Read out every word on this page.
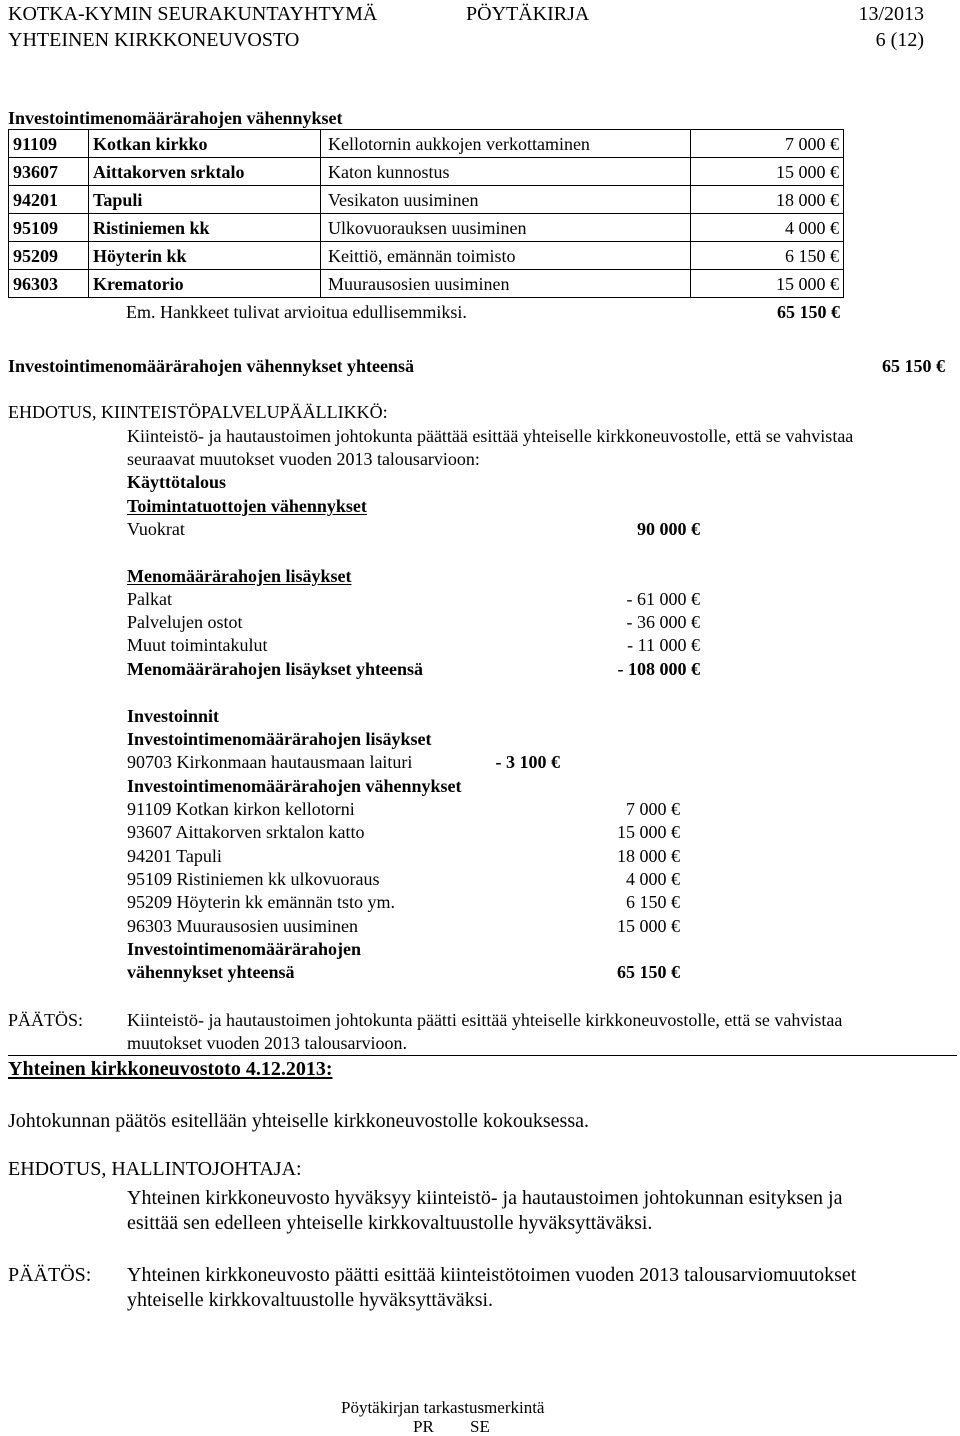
KOTKA-KYMIN SEURAKUNTAYHTYMÄ	PÖYTÄKIRJA	13/2013
YHTEINEN KIRKKONEUVOSTO	6 (12)
Investointimenomäärärahojen vähennykset
91109	Kotkan kirkko	Kellotornin aukkojen verkottaminen	7 000 €
93607	Aittakorven srktalo	Katon kunnostus	15 000 €
94201	Tapuli	Vesikaton uusiminen	18 000 €
95109	Ristiniemen kk	Ulkovuorauksen uusiminen	4 000 €
95209	Höyterin kk	Keittiö, emännän toimisto	6 150 €
96303	Krematorio	Muurausosien uusiminen	15 000 €
Em. Hankkeet tulivat arvioitua edullisemmiksi.	65 150 €
Investointimenomäärärahojen vähennykset yhteensä	65 150 €
EHDOTUS, KIINTEISTÖPALVELUPÄÄLLIKKÖ:
Kiinteistö- ja hautaustoimen johtokunta päättää esittää yhteiselle kirkkoneuvostolle, että se vahvistaa
seuraavat muutokset vuoden 2013 talousarvioon:
Käyttötalous
Toimintatuottojen vähennykset
Vuokrat	90 000 €
Menomäärärahojen lisäykset
Palkat	- 61 000 €
Palvelujen ostot	- 36 000 €
Muut toimintakulut	- 11 000 €
Menomäärärahojen lisäykset yhteensä	- 108 000 €
Investoinnit
Investointimenomäärärahojen lisäykset
90703 Kirkonmaan hautausmaan laituri	- 3 100 €
Investointimenomäärärahojen vähennykset
91109 Kotkan kirkon kellotorni	7 000 €
93607 Aittakorven srktalon katto	15 000 €
94201 Tapuli	18 000 €
95109 Ristiniemen kk ulkovuoraus	4 000 €
95209 Höyterin kk emännän tsto ym.	6 150 €
96303 Muurausosien uusiminen	15 000 €
Investointimenomäärärahojen
vähennykset yhteensä	65 150 €
PÄÄTÖS: Kiinteistö- ja hautaustoimen johtokunta päätti esittää yhteiselle kirkkoneuvostolle, että se vahvistaa
muutokset vuoden 2013 talousarvioon.
Yhteinen kirkkoneuvostoto 4.12.2013:
Johtokunnan päätös esitellään yhteiselle kirkkoneuvostolle kokouksessa.
EHDOTUS, HALLINTOJOHTAJA:
Yhteinen kirkkoneuvosto hyväksyy kiinteistö- ja hautaustoimen johtokunnan esityksen ja
esittää sen edelleen yhteiselle kirkkovaltuustolle hyväksyttäväksi.
PÄÄTÖS: Yhteinen kirkkoneuvosto päätti esittää kiinteistötoimen vuoden 2013 talousarviomuutokset
yhteiselle kirkkovaltuustolle hyväksyttäväksi.
Pöytäkirjan tarkastusmerkintä
PR SE
